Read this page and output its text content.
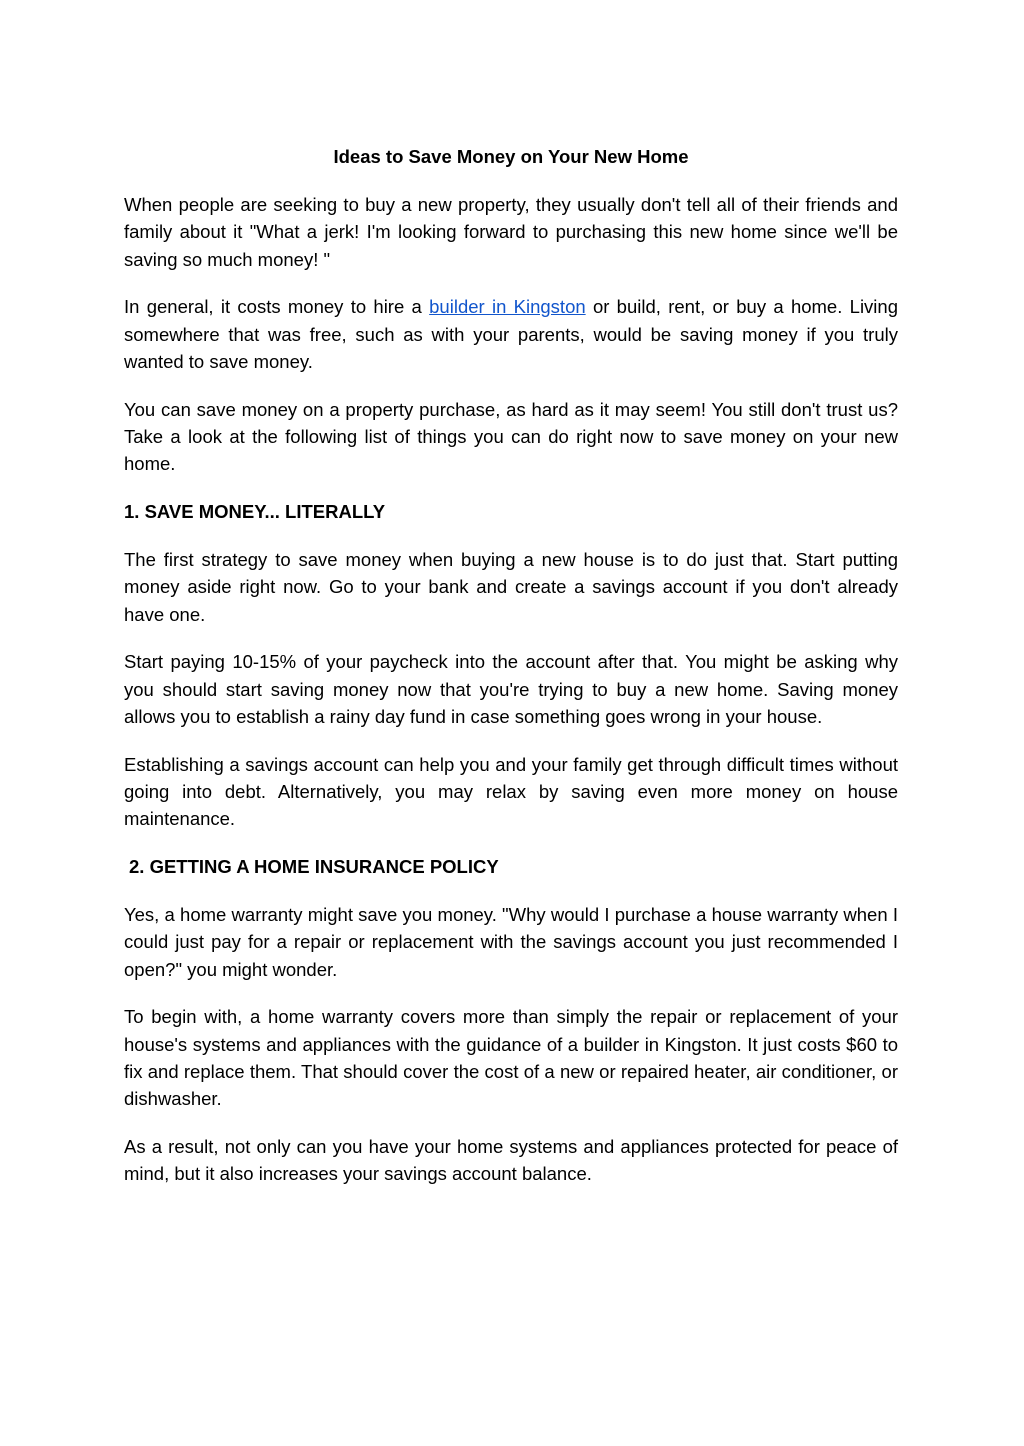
Ideas to Save Money on Your New Home

When people are seeking to buy a new property, they usually don't tell all of their friends and family about it "What a jerk! I'm looking forward to purchasing this new home since we'll be saving so much money! "

In general, it costs money to hire a builder in Kingston or build, rent, or buy a home. Living somewhere that was free, such as with your parents, would be saving money if you truly wanted to save money.

You can save money on a property purchase, as hard as it may seem! You still don't trust us? Take a look at the following list of things you can do right now to save money on your new home.

1. SAVE MONEY... LITERALLY

The first strategy to save money when buying a new house is to do just that. Start putting money aside right now. Go to your bank and create a savings account if you don't already have one.

Start paying 10-15% of your paycheck into the account after that. You might be asking why you should start saving money now that you're trying to buy a new home. Saving money allows you to establish a rainy day fund in case something goes wrong in your house.

Establishing a savings account can help you and your family get through difficult times without going into debt. Alternatively, you may relax by saving even more money on house maintenance.

2. GETTING A HOME INSURANCE POLICY

Yes, a home warranty might save you money. "Why would I purchase a house warranty when I could just pay for a repair or replacement with the savings account you just recommended I open?" you might wonder.

To begin with, a home warranty covers more than simply the repair or replacement of your house's systems and appliances with the guidance of a builder in Kingston. It just costs $60 to fix and replace them. That should cover the cost of a new or repaired heater, air conditioner, or dishwasher.

As a result, not only can you have your home systems and appliances protected for peace of mind, but it also increases your savings account balance.
